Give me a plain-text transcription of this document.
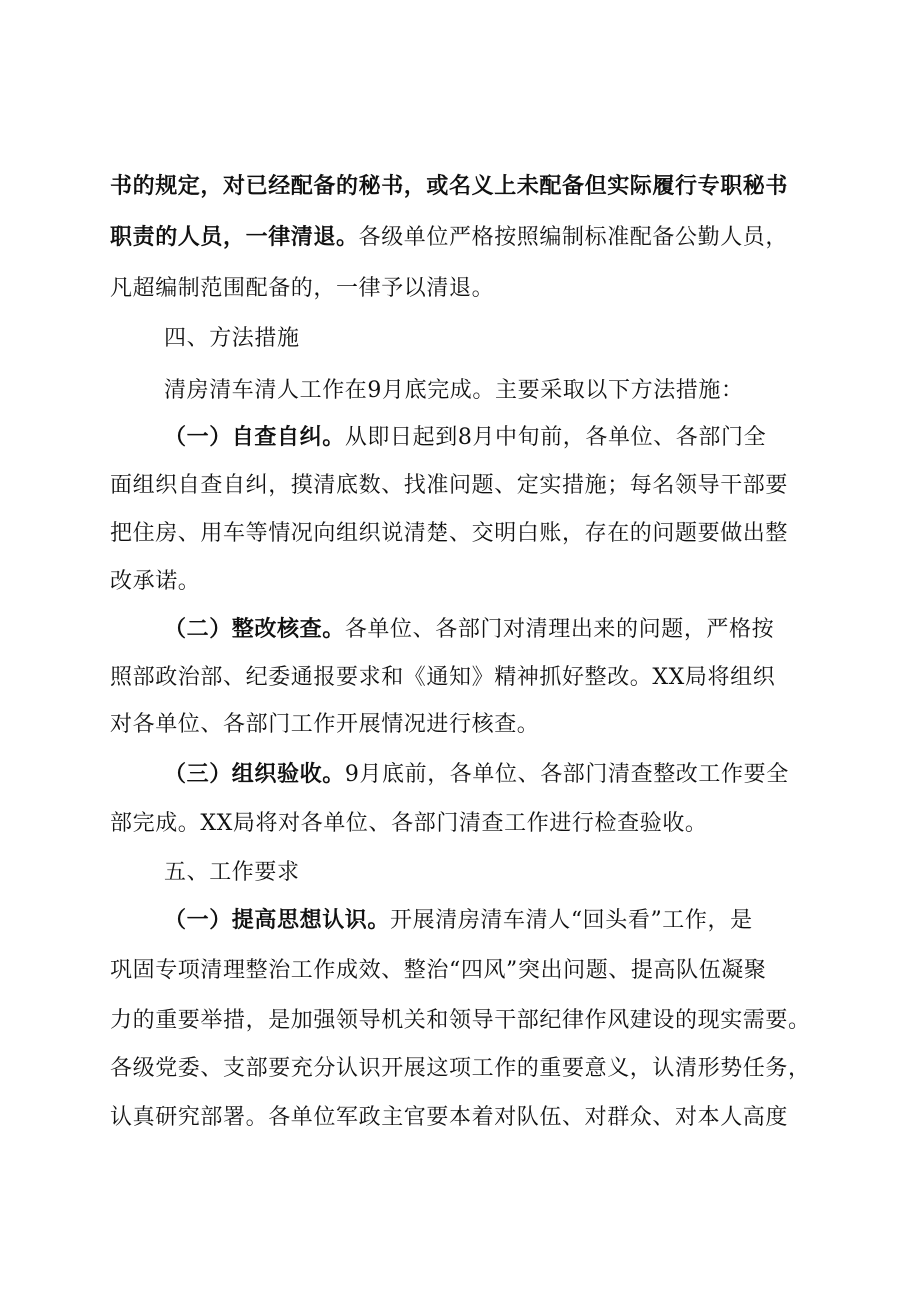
书的规定，对已经配备的秘书，或名义上未配备但实际履行专职秘书
职责的人员，一律清退。各级单位严格按照编制标准配备公勤人员，
凡超编制范围配备的，一律予以清退。
四、方法措施
清房清车清人工作在9月底完成。主要采取以下方法措施：
（一）自查自纠。从即日起到8月中旬前，各单位、各部门全
面组织自查自纠，摸清底数、找准问题、定实措施；每名领导干部要
把住房、用车等情况向组织说清楚、交明白账，存在的问题要做出整
改承诺。
（二）整改核查。各单位、各部门对清理出来的问题，严格按
照部政治部、纪委通报要求和《通知》精神抓好整改。XX局将组织
对各单位、各部门工作开展情况进行核查。
（三）组织验收。9月底前，各单位、各部门清查整改工作要全
部完成。XX局将对各单位、各部门清查工作进行检查验收。
五、工作要求
（一）提高思想认识。开展清房清车清人“回头看”工作，是
巩固专项清理整治工作成效、整治“四风”突出问题、提高队伍凝聚
力的重要举措，是加强领导机关和领导干部纪律作风建设的现实需要。
各级党委、支部要充分认识开展这项工作的重要意义，认清形势任务，
认真研究部署。各单位军政主官要本着对队伍、对群众、对本人高度
